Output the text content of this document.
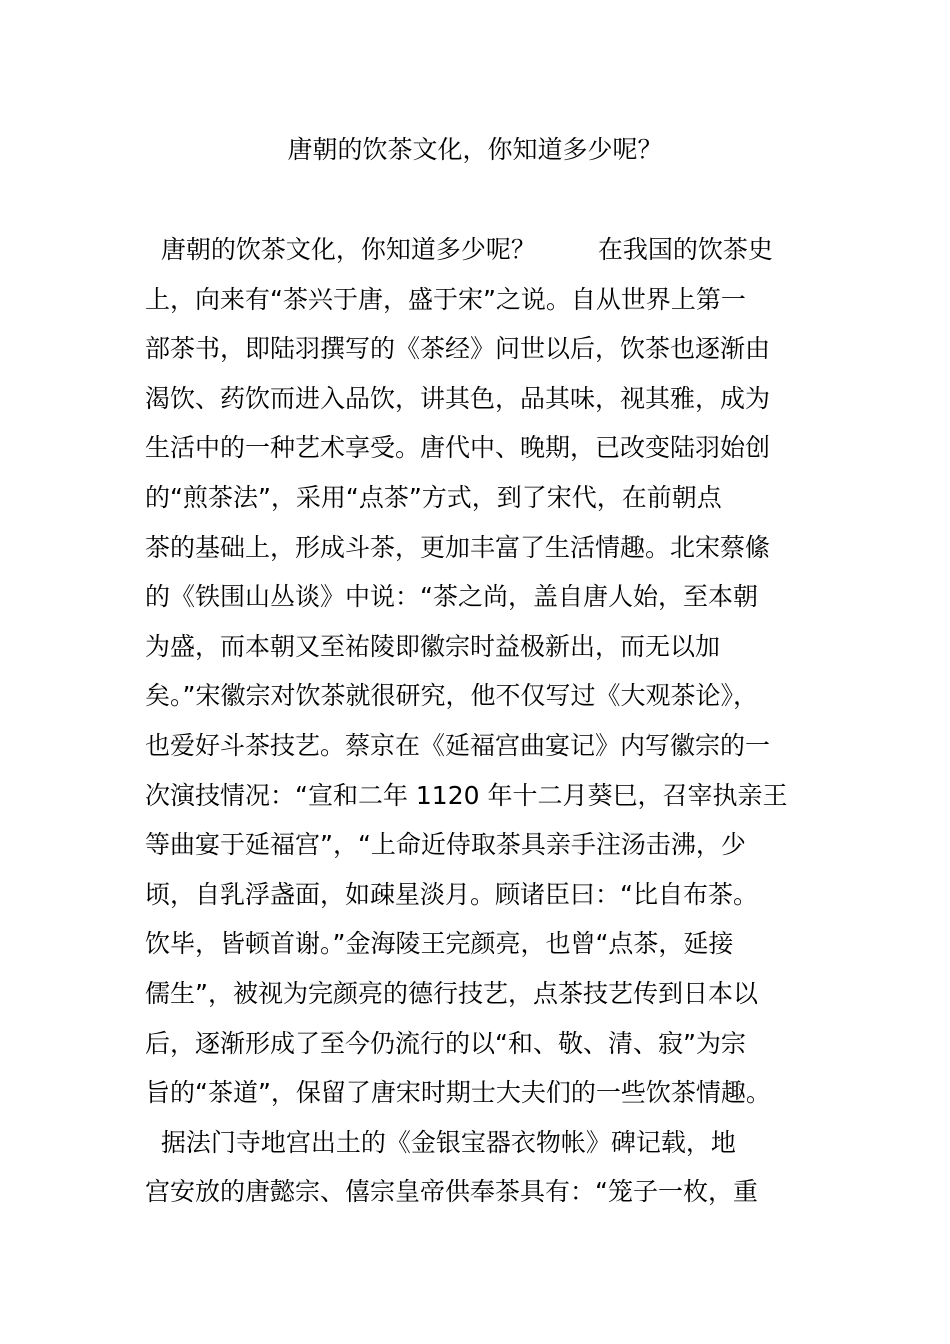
唐朝的饮茶文化，你知道多少呢？
唐朝的饮茶文化，你知道多少呢？ 在我国的饮茶史
上，向来有“茶兴于唐，盛于宋”之说。自从世界上第一
部茶书，即陆羽撰写的《茶经》问世以后，饮茶也逐渐由
渴饮、药饮而进入品饮，讲其色，品其味，视其雅，成为
生活中的一种艺术享受。唐代中、晚期，已改变陆羽始创
的“煎茶法”，采用“点茶”方式，到了宋代，在前朝点
茶的基础上，形成斗茶，更加丰富了生活情趣。北宋蔡絛
的《铁围山丛谈》中说：“茶之尚，盖自唐人始，至本朝
为盛，而本朝又至祐陵即徽宗时益极新出，而无以加
矣。”宋徽宗对饮茶就很研究，他不仅写过《大观茶论》，
也爱好斗茶技艺。蔡京在《延福宫曲宴记》内写徽宗的一
次演技情况：“宣和二年 1120 年十二月葵巳，召宰执亲王
等曲宴于延福宫”，“上命近侍取茶具亲手注汤击沸，少
顷，自乳浮盏面，如疎星淡月。顾诸臣曰：“比自布茶。
饮毕，皆顿首谢。”金海陵王完颜亮，也曾“点茶，延接
儒生”，被视为完颜亮的德行技艺，点茶技艺传到日本以
后，逐渐形成了至今仍流行的以“和、敬、清、寂”为宗
旨的“茶道”，保留了唐宋时期士大夫们的一些饮茶情趣。
据法门寺地宫出土的《金银宝器衣物帐》碑记载，地
宫安放的唐懿宗、僖宗皇帝供奉茶具有：“笼子一枚，重
